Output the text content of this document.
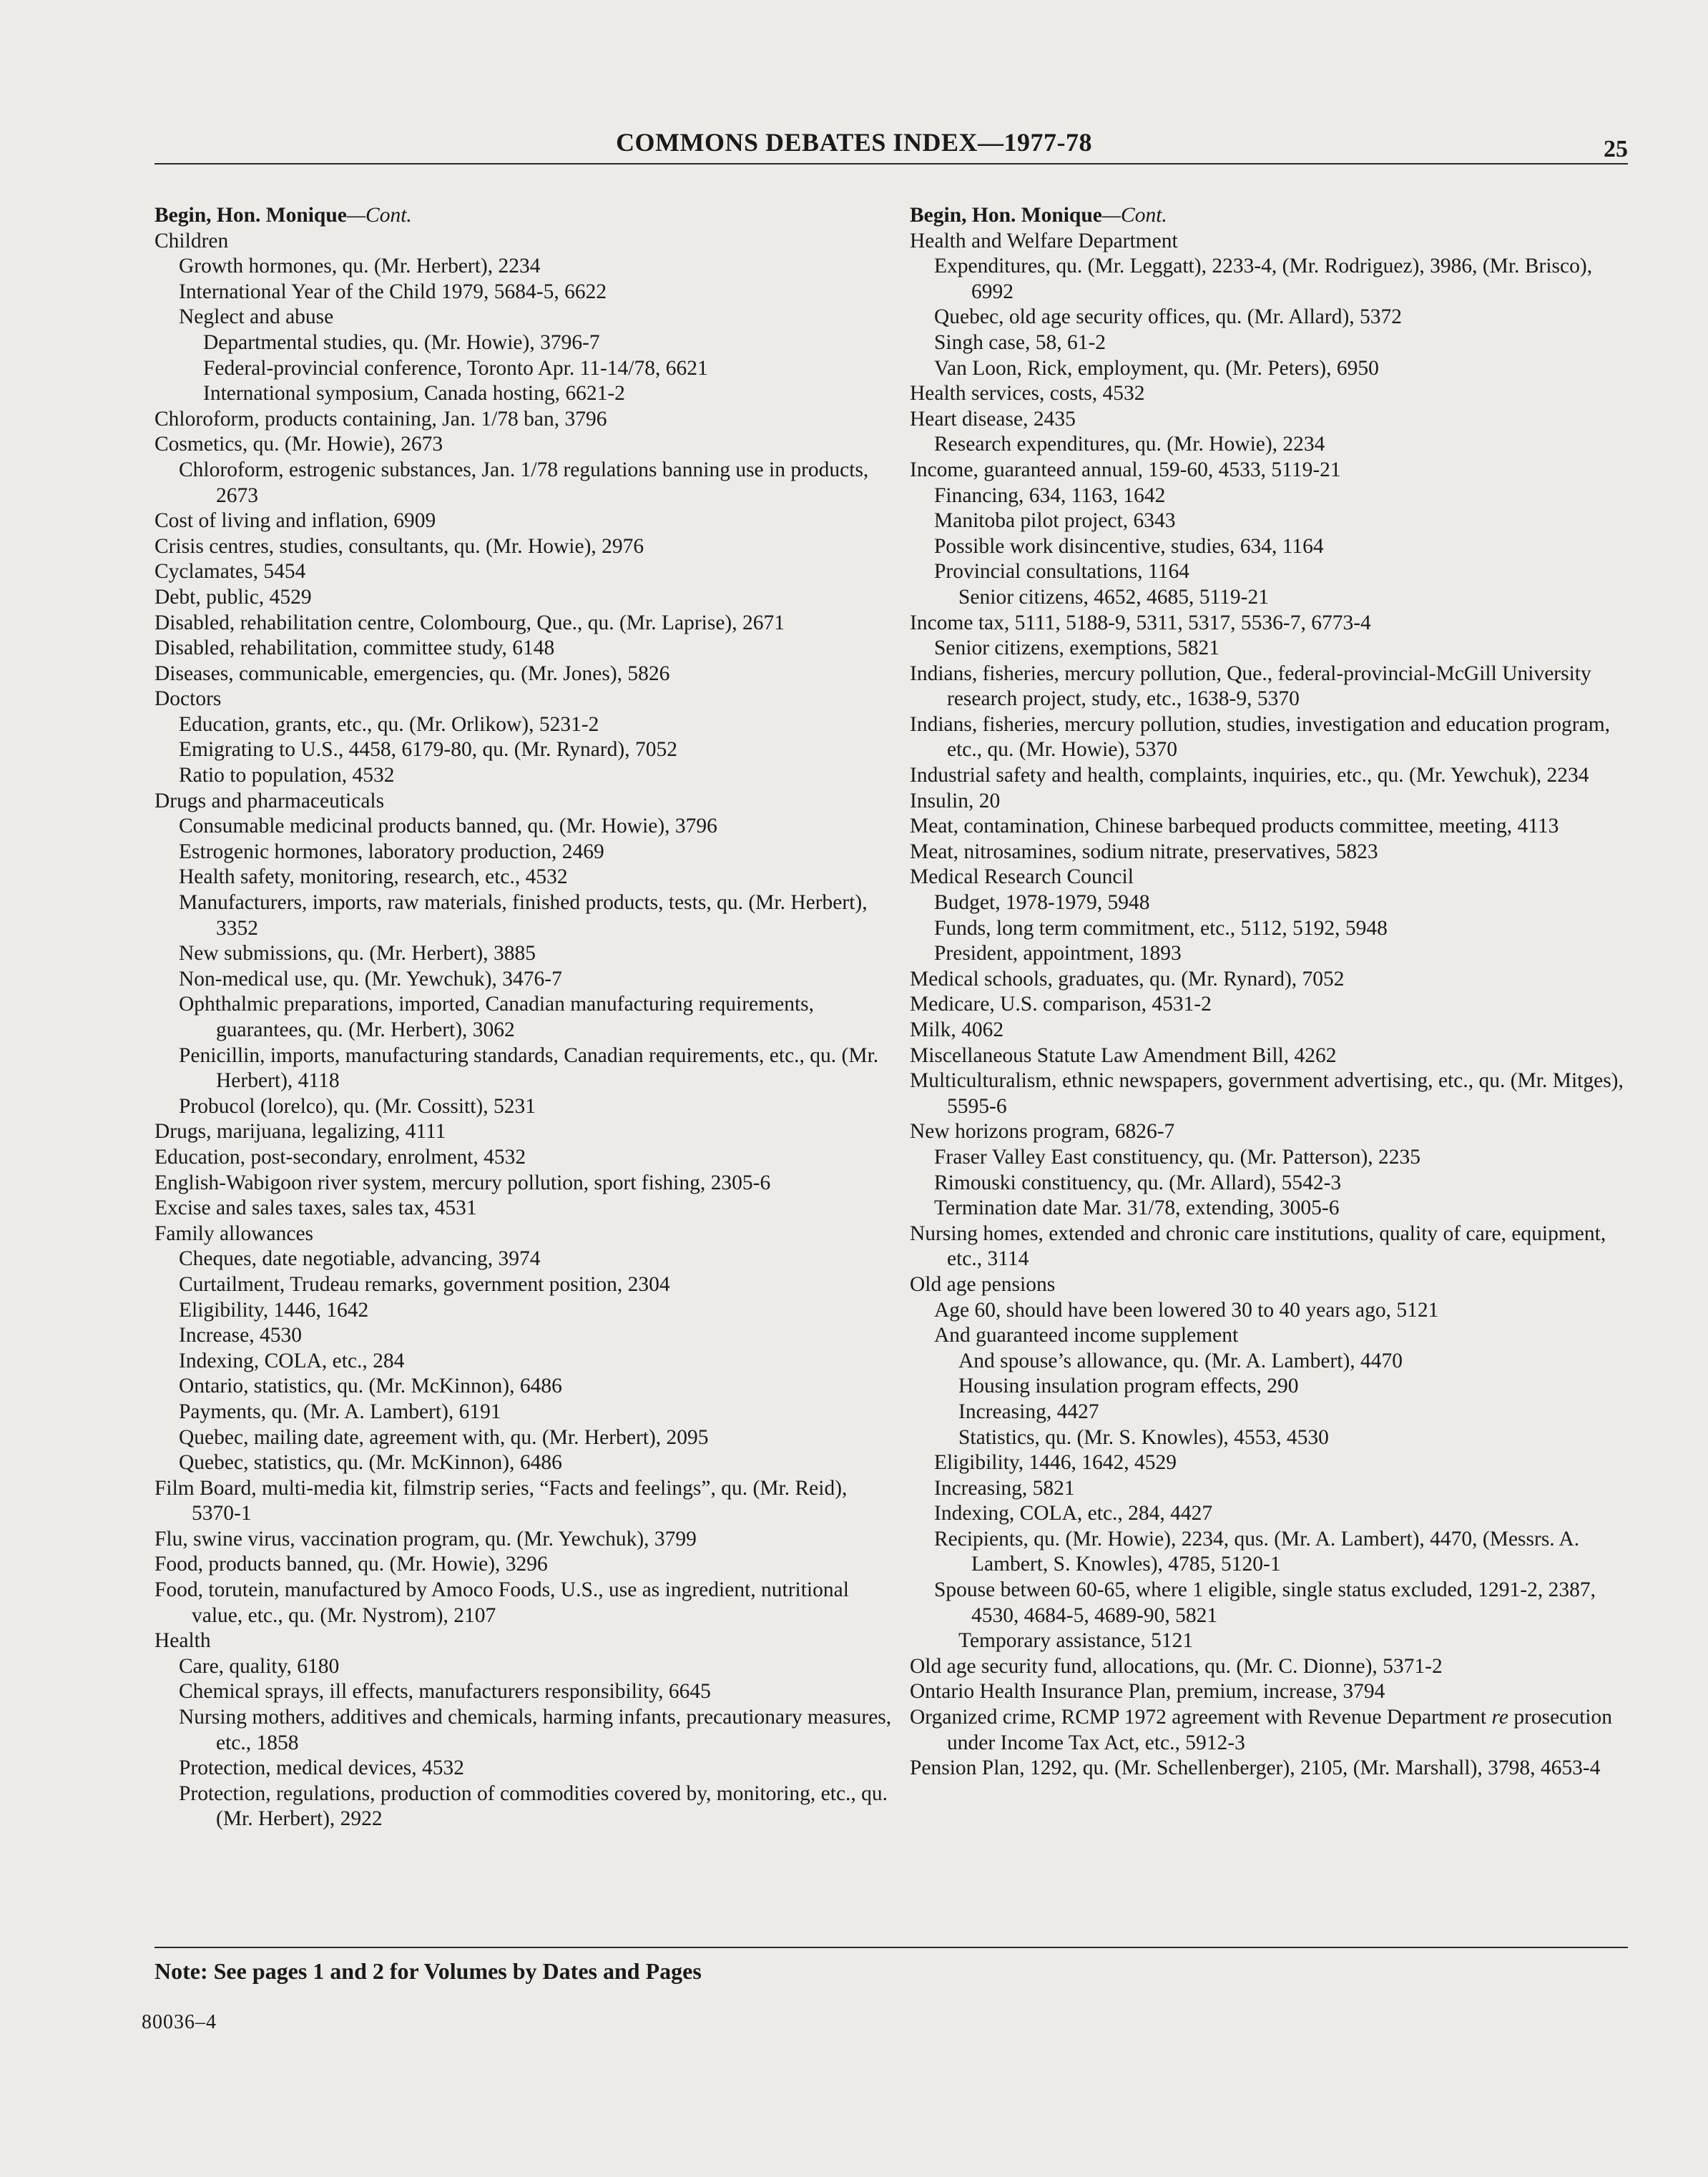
COMMONS DEBATES INDEX—1977-78	25
Begin, Hon. Monique—Cont.
Children
Growth hormones, qu. (Mr. Herbert), 2234
International Year of the Child 1979, 5684-5, 6622
Neglect and abuse
Departmental studies, qu. (Mr. Howie), 3796-7
Federal-provincial conference, Toronto Apr. 11-14/78, 6621
International symposium, Canada hosting, 6621-2
Chloroform, products containing, Jan. 1/78 ban, 3796
Cosmetics, qu. (Mr. Howie), 2673
Chloroform, estrogenic substances, Jan. 1/78 regulations banning use in products, 2673
Cost of living and inflation, 6909
Crisis centres, studies, consultants, qu. (Mr. Howie), 2976
Cyclamates, 5454
Debt, public, 4529
Disabled, rehabilitation centre, Colombourg, Que., qu. (Mr. Laprise), 2671
Disabled, rehabilitation, committee study, 6148
Diseases, communicable, emergencies, qu. (Mr. Jones), 5826
Doctors
Education, grants, etc., qu. (Mr. Orlikow), 5231-2
Emigrating to U.S., 4458, 6179-80, qu. (Mr. Rynard), 7052
Ratio to population, 4532
Drugs and pharmaceuticals
Consumable medicinal products banned, qu. (Mr. Howie), 3796
Estrogenic hormones, laboratory production, 2469
Health safety, monitoring, research, etc., 4532
Manufacturers, imports, raw materials, finished products, tests, qu. (Mr. Herbert), 3352
New submissions, qu. (Mr. Herbert), 3885
Non-medical use, qu. (Mr. Yewchuk), 3476-7
Ophthalmic preparations, imported, Canadian manufacturing requirements, guarantees, qu. (Mr. Herbert), 3062
Penicillin, imports, manufacturing standards, Canadian requirements, etc., qu. (Mr. Herbert), 4118
Probucol (lorelco), qu. (Mr. Cossitt), 5231
Drugs, marijuana, legalizing, 4111
Education, post-secondary, enrolment, 4532
English-Wabigoon river system, mercury pollution, sport fishing, 2305-6
Excise and sales taxes, sales tax, 4531
Family allowances
Cheques, date negotiable, advancing, 3974
Curtailment, Trudeau remarks, government position, 2304
Eligibility, 1446, 1642
Increase, 4530
Indexing, COLA, etc., 284
Ontario, statistics, qu. (Mr. McKinnon), 6486
Payments, qu. (Mr. A. Lambert), 6191
Quebec, mailing date, agreement with, qu. (Mr. Herbert), 2095
Quebec, statistics, qu. (Mr. McKinnon), 6486
Film Board, multi-media kit, filmstrip series, “Facts and feelings”, qu. (Mr. Reid), 5370-1
Flu, swine virus, vaccination program, qu. (Mr. Yewchuk), 3799
Food, products banned, qu. (Mr. Howie), 3296
Food, torutein, manufactured by Amoco Foods, U.S., use as ingredient, nutritional value, etc., qu. (Mr. Nystrom), 2107
Health
Care, quality, 6180
Chemical sprays, ill effects, manufacturers responsibility, 6645
Nursing mothers, additives and chemicals, harming infants, precautionary measures, etc., 1858
Protection, medical devices, 4532
Protection, regulations, production of commodities covered by, monitoring, etc., qu. (Mr. Herbert), 2922
Begin, Hon. Monique—Cont.
Health and Welfare Department
Expenditures, qu. (Mr. Leggatt), 2233-4, (Mr. Rodriguez), 3986, (Mr. Brisco), 6992
Quebec, old age security offices, qu. (Mr. Allard), 5372
Singh case, 58, 61-2
Van Loon, Rick, employment, qu. (Mr. Peters), 6950
Health services, costs, 4532
Heart disease, 2435
Research expenditures, qu. (Mr. Howie), 2234
Income, guaranteed annual, 159-60, 4533, 5119-21
Financing, 634, 1163, 1642
Manitoba pilot project, 6343
Possible work disincentive, studies, 634, 1164
Provincial consultations, 1164
Senior citizens, 4652, 4685, 5119-21
Income tax, 5111, 5188-9, 5311, 5317, 5536-7, 6773-4
Senior citizens, exemptions, 5821
Indians, fisheries, mercury pollution, Que., federal-provincial-McGill University research project, study, etc., 1638-9, 5370
Indians, fisheries, mercury pollution, studies, investigation and education program, etc., qu. (Mr. Howie), 5370
Industrial safety and health, complaints, inquiries, etc., qu. (Mr. Yewchuk), 2234
Insulin, 20
Meat, contamination, Chinese barbequed products committee, meeting, 4113
Meat, nitrosamines, sodium nitrate, preservatives, 5823
Medical Research Council
Budget, 1978-1979, 5948
Funds, long term commitment, etc., 5112, 5192, 5948
President, appointment, 1893
Medical schools, graduates, qu. (Mr. Rynard), 7052
Medicare, U.S. comparison, 4531-2
Milk, 4062
Miscellaneous Statute Law Amendment Bill, 4262
Multiculturalism, ethnic newspapers, government advertising, etc., qu. (Mr. Mitges), 5595-6
New horizons program, 6826-7
Fraser Valley East constituency, qu. (Mr. Patterson), 2235
Rimouski constituency, qu. (Mr. Allard), 5542-3
Termination date Mar. 31/78, extending, 3005-6
Nursing homes, extended and chronic care institutions, quality of care, equipment, etc., 3114
Old age pensions
Age 60, should have been lowered 30 to 40 years ago, 5121
And guaranteed income supplement
And spouse’s allowance, qu. (Mr. A. Lambert), 4470
Housing insulation program effects, 290
Increasing, 4427
Statistics, qu. (Mr. S. Knowles), 4553, 4530
Eligibility, 1446, 1642, 4529
Increasing, 5821
Indexing, COLA, etc., 284, 4427
Recipients, qu. (Mr. Howie), 2234, qus. (Mr. A. Lambert), 4470, (Messrs. A. Lambert, S. Knowles), 4785, 5120-1
Spouse between 60-65, where 1 eligible, single status excluded, 1291-2, 2387, 4530, 4684-5, 4689-90, 5821
Temporary assistance, 5121
Old age security fund, allocations, qu. (Mr. C. Dionne), 5371-2
Ontario Health Insurance Plan, premium, increase, 3794
Organized crime, RCMP 1972 agreement with Revenue Department re prosecution under Income Tax Act, etc., 5912-3
Pension Plan, 1292, qu. (Mr. Schellenberger), 2105, (Mr. Marshall), 3798, 4653-4
Note: See pages 1 and 2 for Volumes by Dates and Pages
80036–4
